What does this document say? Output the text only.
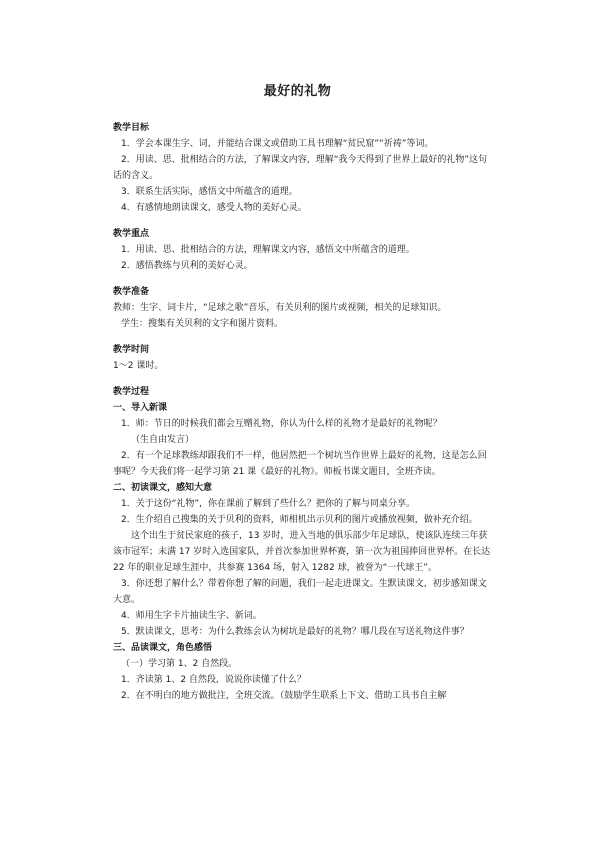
最好的礼物
教学目标
1．学会本课生字、词，并能结合课文或借助工具书理解“贫民窟”“祈祷”等词。
2．用读、思、批相结合的方法，了解课文内容，理解“我今天得到了世界上最好的礼物”这句话的含义。
3．联系生活实际，感悟文中所蕴含的道理。
4．有感情地朗读课文，感受人物的美好心灵。
教学重点
1．用读、思、批相结合的方法，理解课文内容，感悟文中所蕴含的道理。
2．感悟教练与贝利的美好心灵。
教学准备
教师：生字、词卡片，“足球之歌”音乐，有关贝利的图片或视频，相关的足球知识。
学生：搜集有关贝利的文字和图片资料。
教学时间
1～2 课时。
教学过程
一、导入新课
1．师：节日的时候我们都会互赠礼物，你认为什么样的礼物才是最好的礼物呢？
（生自由发言）
2．有一个足球教练却跟我们不一样，他居然把一个树坑当作世界上最好的礼物，这是怎么回事呢？今天我们将一起学习第 21 课《最好的礼物》。师板书课文题目，全班齐读。
二、初读课文，感知大意
1．关于这份“礼物”，你在课前了解到了些什么？把你的了解与同桌分享。
2．生介绍自己搜集的关于贝利的资料，师相机出示贝利的图片或播放视频，做补充介绍。
这个出生于贫民家庭的孩子，13 岁时，进入当地的俱乐部少年足球队，使该队连续三年获该市冠军；未满 17 岁时入选国家队，并首次参加世界杯赛，第一次为祖国捧回世界杯。在长达 22 年的职业足球生涯中，共参赛 1364 场，射入 1282 球，被誉为“一代球王”。
3．你还想了解什么？带着你想了解的问题，我们一起走进课文。生默读课文，初步感知课文大意。
4．师用生字卡片抽读生字、新词。
5．默读课文，思考：为什么教练会认为树坑是最好的礼物？哪几段在写送礼物这件事？
三、品读课文，角色感悟
（一）学习第 1、2 自然段。
1．齐读第 1、2 自然段，说说你读懂了什么？
2．在不明白的地方做批注，全班交流。（鼓励学生联系上下文、借助工具书自主解
